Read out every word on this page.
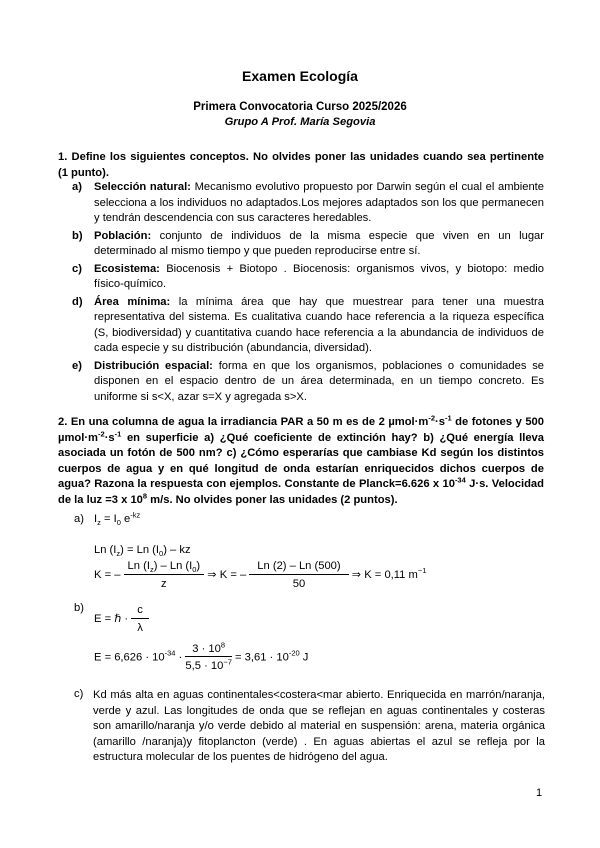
Examen Ecología
Primera Convocatoria Curso 2025/2026
Grupo A Prof. María Segovia
1. Define los siguientes conceptos. No olvides poner las unidades cuando sea pertinente (1 punto).
a) Selección natural: Mecanismo evolutivo propuesto por Darwin según el cual el ambiente selecciona a los individuos no adaptados.Los mejores adaptados son los que permanecen y tendrán descendencia con sus caracteres heredables.
b) Población: conjunto de individuos de la misma especie que viven en un lugar determinado al mismo tiempo y que pueden reproducirse entre sí.
c) Ecosistema: Biocenosis + Biotopo . Biocenosis: organismos vivos, y biotopo: medio físico-químico.
d) Área mínima: la mínima área que hay que muestrear para tener una muestra representativa del sistema. Es cualitativa cuando hace referencia a la riqueza específica (S, biodiversidad) y cuantitativa cuando hace referencia a la abundancia de individuos de cada especie y su distribución (abundancia, diversidad).
e) Distribución espacial: forma en que los organismos, poblaciones o comunidades se disponen en el espacio dentro de un área determinada, en un tiempo concreto. Es uniforme si s<X, azar s=X y agregada s>X.
2. En una columna de agua la irradiancia PAR a 50 m es de 2 $\mu mol\cdot m^{-2}\cdot s^{-1}$ de fotones y 500 $\mu mol\cdot m^{-2}\cdot s^{-1}$ en superficie a) ¿Qué coeficiente de extinción hay? b) ¿Qué energía lleva asociada un fotón de 500 nm? c) ¿Cómo esperarías que cambiase Kd según los distintos cuerpos de agua y en qué longitud de onda estarían enriquecidos dichos cuerpos de agua? Razona la respuesta con ejemplos. Constante de Planck=6.626 x $10^{-34}$ J·s. Velocidad de la luz =3 x $10^8$ m/s. No olvides poner las unidades (2 puntos).
a) $I_z = I_0$ $e^{-kz}$
Ln $(I_z) = Ln$ $(I_0)$ – kz
K = – $\frac{Ln (I_z) - Ln (I_0)}{z}$ ⇒ K = – $\frac{Ln (2) - Ln (500)}{50}$ ⇒ K = 0,11 $m^{-1}$
b)
E = ℏ · $\frac{c}{\lambda}$
$E = 6,626 \cdot 10^{-34} \cdot \frac{3 \cdot 10^8}{5,5 \cdot 10^{-7}} = 3,61 \cdot 10^{-20}$ J
c) Kd más alta en aguas continentales<costera<mar abierto. Enriquecida en marrón/naranja, verde y azul. Las longitudes de onda que se reflejan en aguas continentales y costeras son amarillo/naranja y/o verde debido al material en suspensión: arena, materia orgánica (amarillo /naranja)y fitoplancton (verde) . En aguas abiertas el azul se refleja por la estructura molecular de los puentes de hidrógeno del agua.
1
